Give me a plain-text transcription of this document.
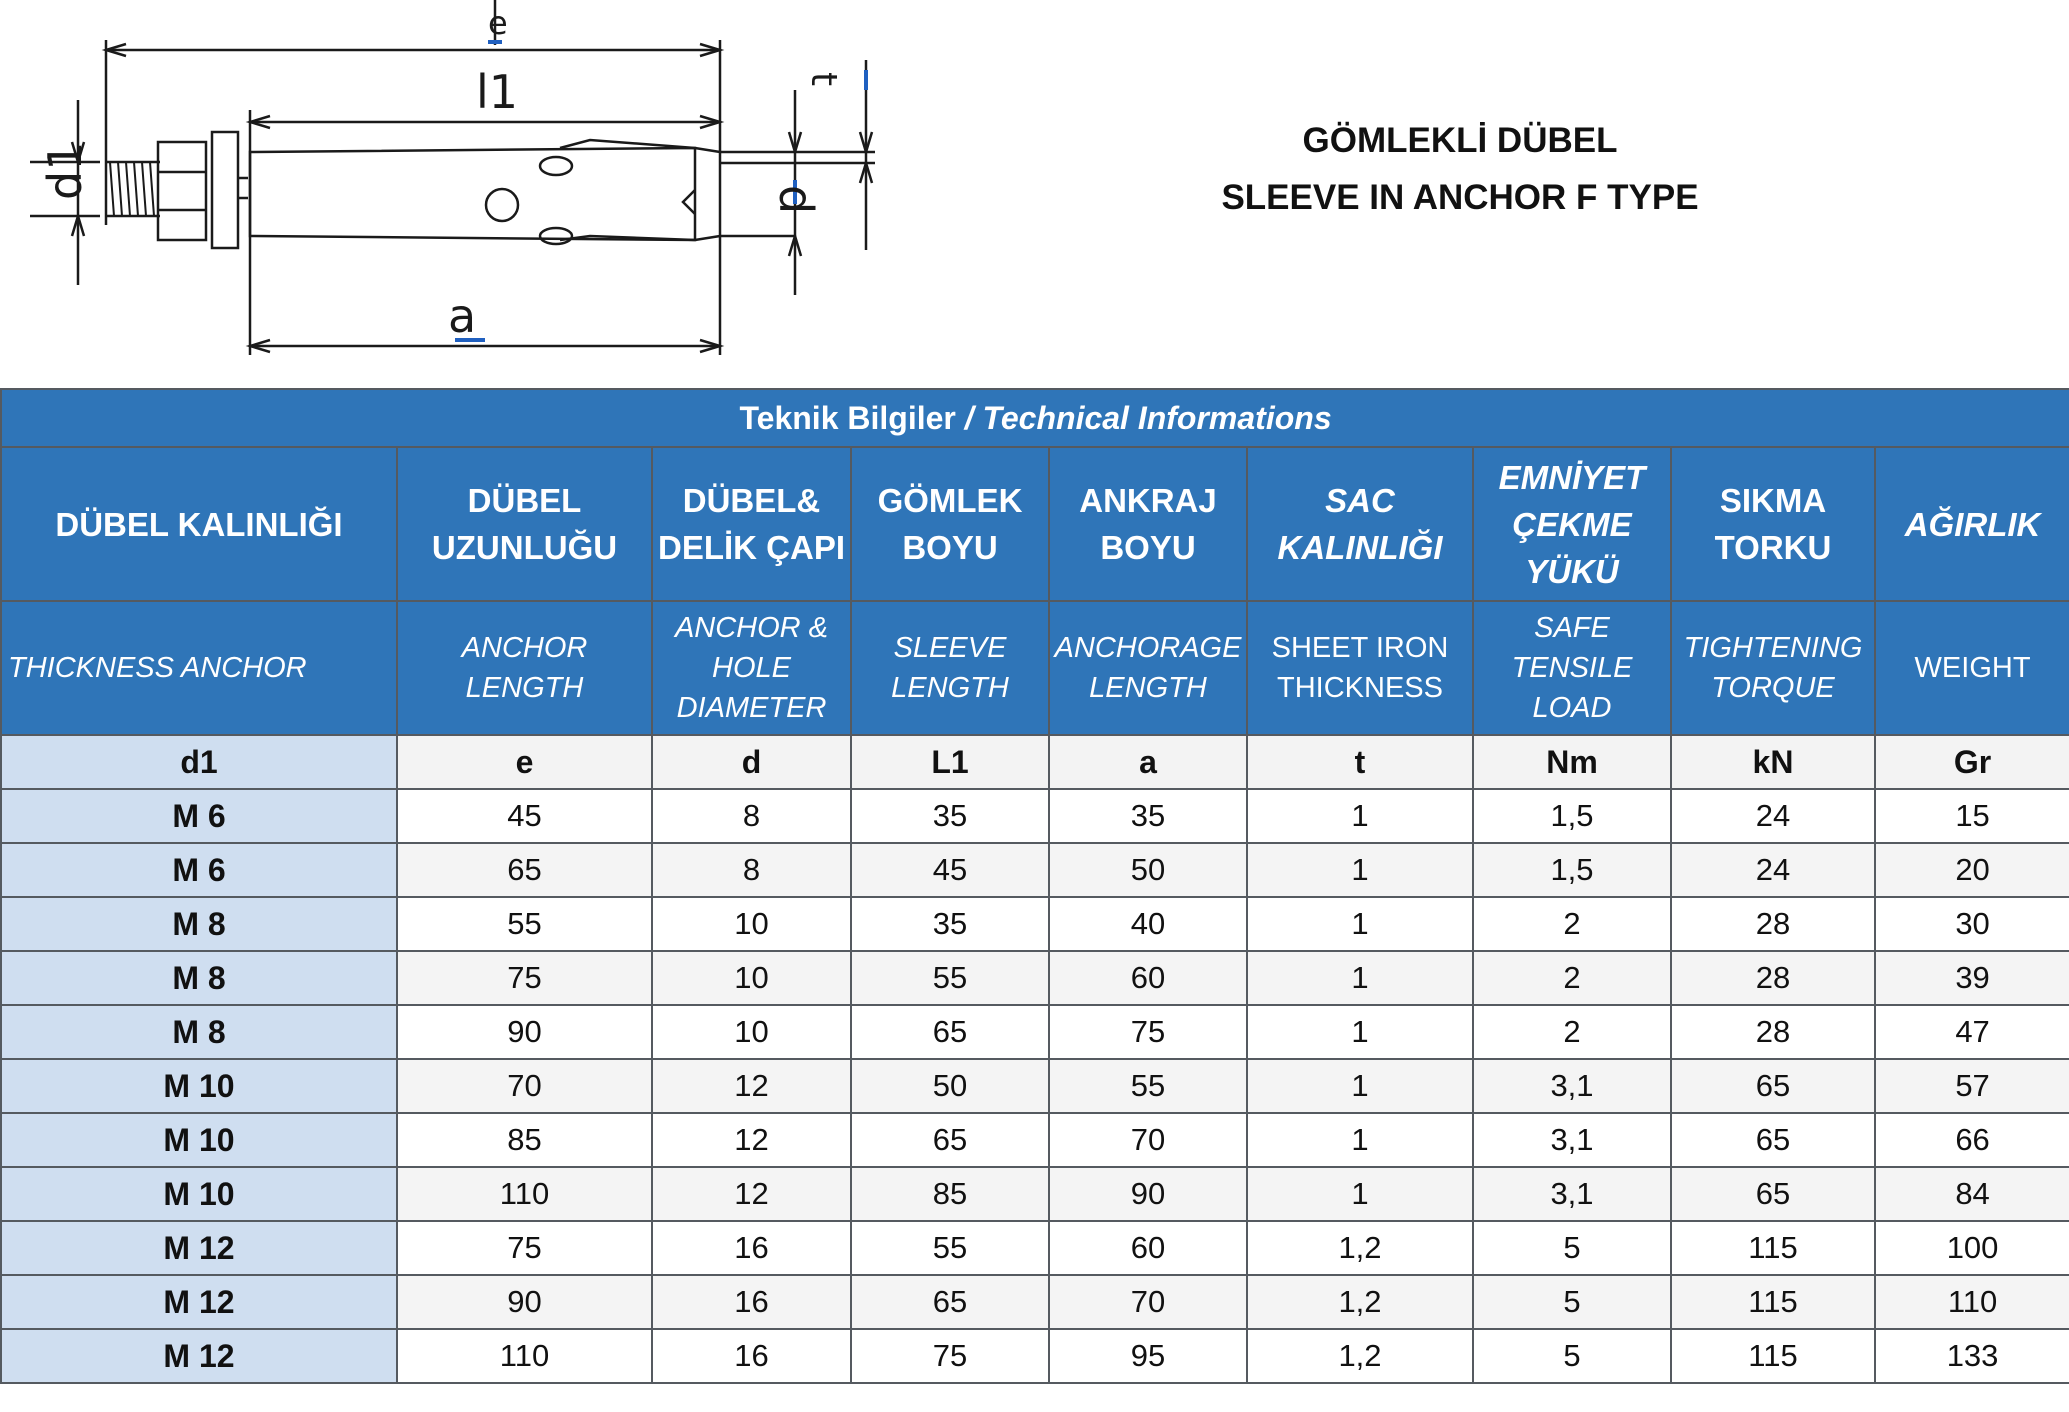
l1
a
d1	d
t
e
GÖMLEKLİ DÜBEL
SLEEVE IN ANCHOR F TYPE
Teknik Bilgiler / Technical Informations								
DÜBEL KALINLIĞI	DÜBEL UZUNLUĞU	DÜBEL& DELİK ÇAPI	GÖMLEK BOYU	ANKRAJ BOYU	SAC KALINLIĞI	EMNİYET ÇEKME YÜKÜ	SIKMA TORKU	AĞIRLIK
THICKNESS ANCHOR	ANCHOR LENGTH	ANCHOR & HOLE DIAMETER	SLEEVE LENGTH	ANCHORAGE LENGTH	SHEET IRON THICKNESS	SAFE TENSILE LOAD	TIGHTENING TORQUE	WEIGHT
d1	e	d	L1	a	t	Nm	kN	Gr
M 6	45	8	35	35	1	1,5	24	15
M 6	65	8	45	50	1	1,5	24	20
M 8	55	10	35	40	1	2	28	30
M 8	75	10	55	60	1	2	28	39
M 8	90	10	65	75	1	2	28	47
M 10	70	12	50	55	1	3,1	65	57
M 10	85	12	65	70	1	3,1	65	66
M 10	110	12	85	90	1	3,1	65	84
M 12	75	16	55	60	1,2	5	115	100
M 12	90	16	65	70	1,2	5	115	110
M 12	110	16	75	95	1,2	5	115	133
